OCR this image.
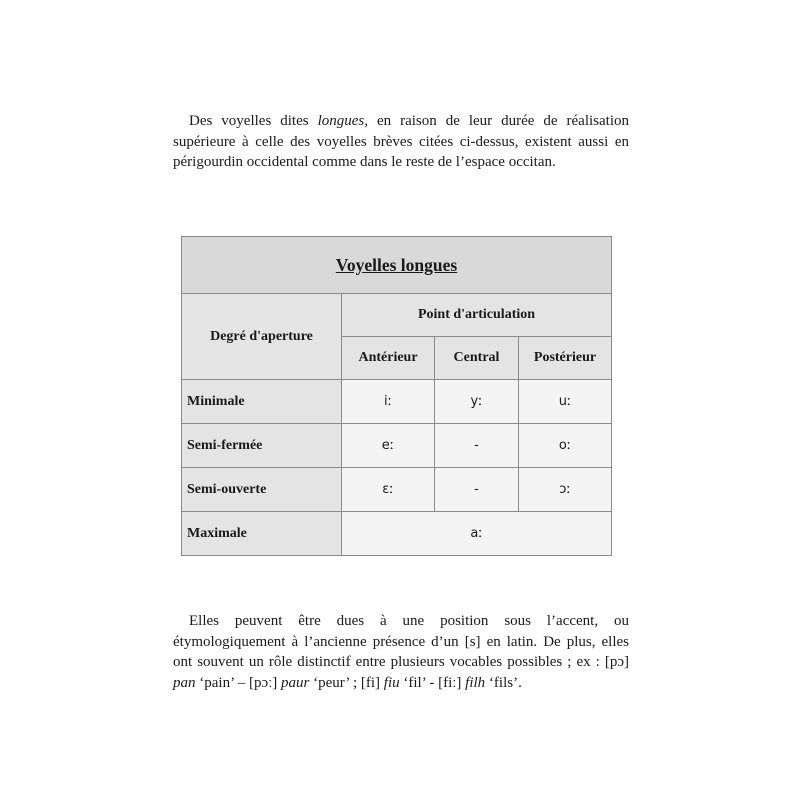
Des voyelles dites longues, en raison de leur durée de réalisation supérieure à celle des voyelles brèves citées ci-dessus, existent aussi en périgourdin occidental comme dans le reste de l’espace occitan.

Voyelles longues			
Degré d'aperture	Point d'articulation		
	Antérieur	Central	Postérieur
Minimale	iː	yː	uː
Semi-fermée	eː	-	oː
Semi-ouverte	ɛː	-	ɔː
Maximale	aː		

Elles peuvent être dues à une position sous l’accent, ou étymologiquement à l’ancienne présence d’un [s] en latin. De plus, elles ont souvent un rôle distinctif entre plusieurs vocables possibles ; ex : [pɔ] pan ‘pain’ – [pɔː] paur ‘peur’ ; [fi] fiu ‘fil’ - [fiː] filh ‘fils’.
